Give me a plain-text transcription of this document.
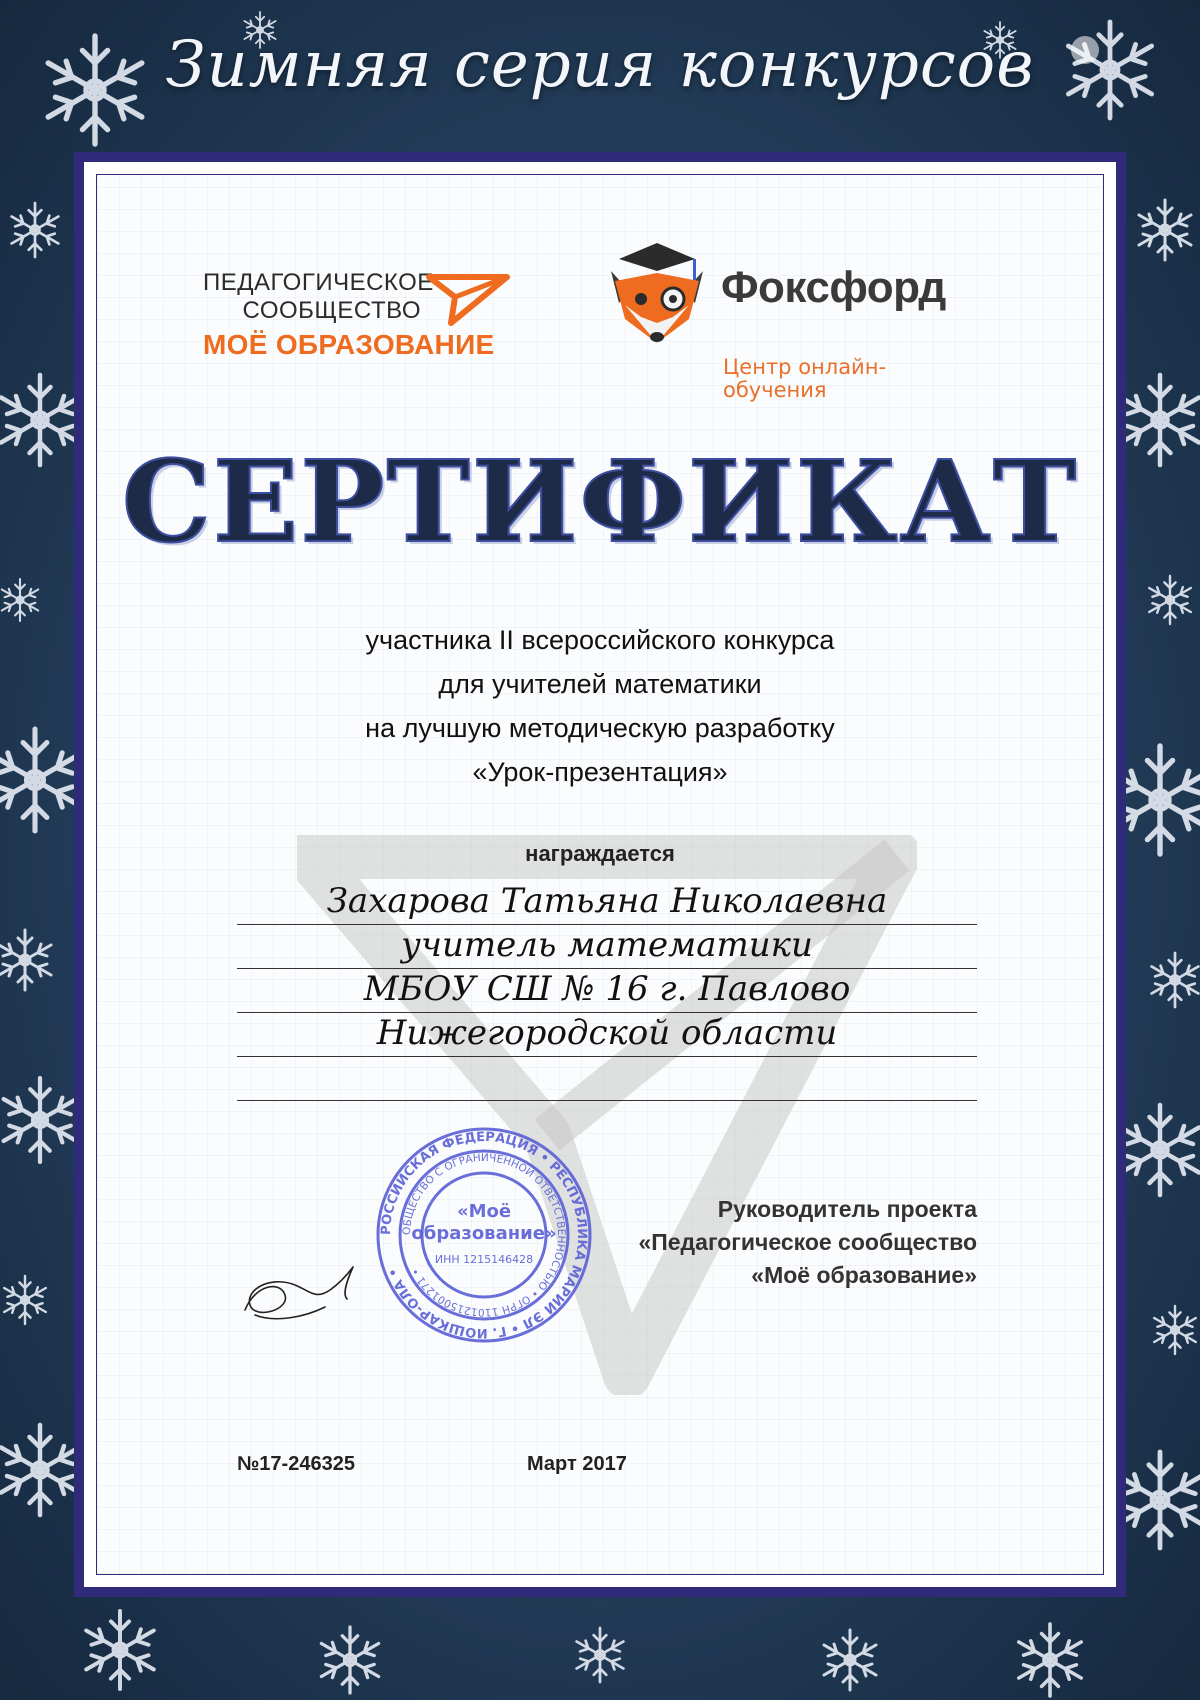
Зимняя серия конкурсов
ПЕДАГОГИЧЕСКОЕ
СООБЩЕСТВО
МОЁ ОБРАЗОВАНИЕ
Фоксфорд
Центр онлайн-
обучения
СЕРТИФИКАТ
участника II всероссийского конкурса
для учителей математики
на лучшую методическую разработку
«Урок-презентация»
награждается
Захарова Татьяна Николаевна
учитель математики
МБОУ СШ № 16 г. Павлово
Нижегородской области
РОССИЙСКАЯ ФЕДЕРАЦИЯ • РЕСПУБЛИКА МАРИЙ ЭЛ • Г. ЙОШКАР-ОЛА •
ОБЩЕСТВО С ОГРАНИЧЕННОЙ ОТВЕТСТВЕННОСТЬЮ • ОГРН 1101215001271 •
«Моё
образование»
ИНН 1215146428
Руководитель проекта
«Педагогическое сообщество
«Моё образование»
№17-246325	Март 2017
